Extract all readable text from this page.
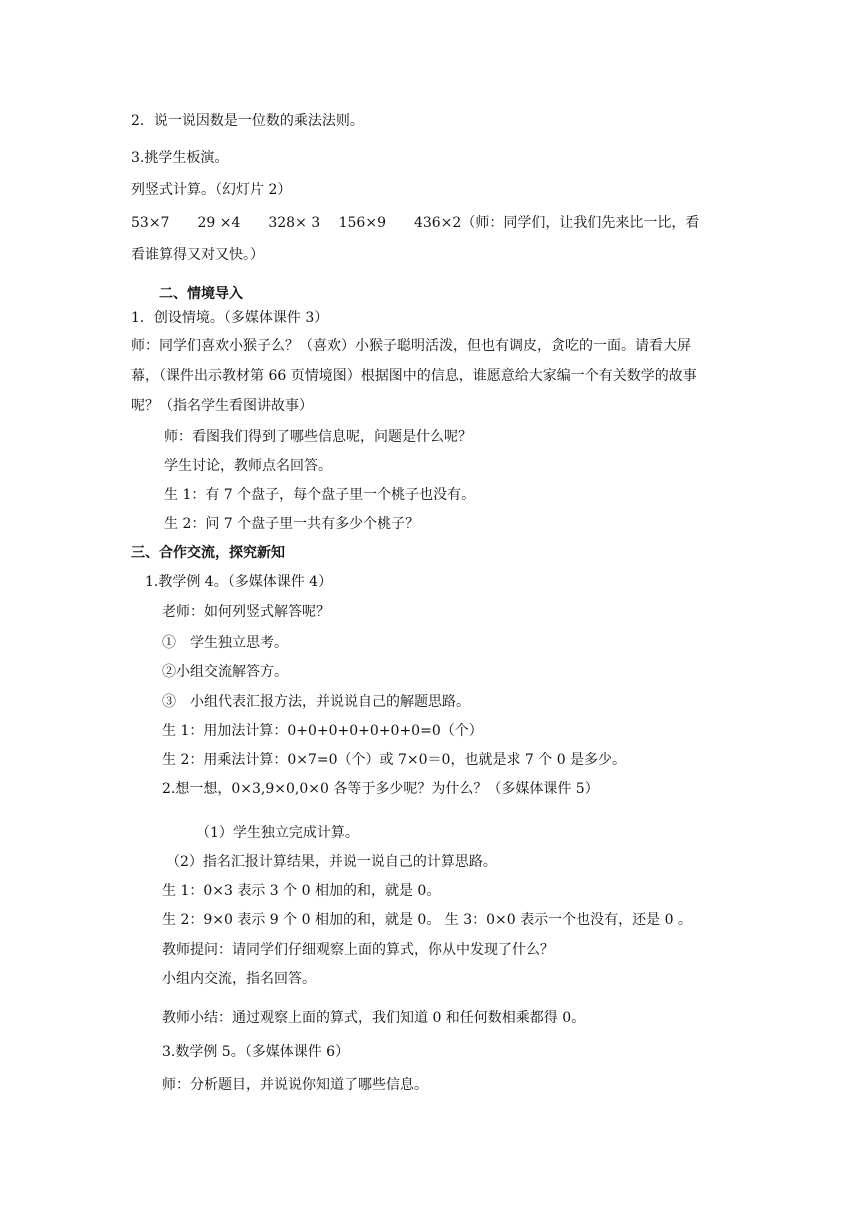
2．说一说因数是一位数的乘法法则。
3.挑学生板演。
列竖式计算。（幻灯片 2）
53×7　　29 ×4　　328× 3　 156×9　　436×2（师：同学们，让我们先来比一比，看
看谁算得又对又快。）
二、情境导入
1．创设情境。（多媒体课件 3）
师：同学们喜欢小猴子么？（喜欢）小猴子聪明活泼，但也有调皮，贪吃的一面。请看大屏
幕，（课件出示教材第 66 页情境图）根据图中的信息，谁愿意给大家编一个有关数学的故事
呢？（指名学生看图讲故事）
师：看图我们得到了哪些信息呢，问题是什么呢？
学生讨论，教师点名回答。
生 1：有 7 个盘子，每个盘子里一个桃子也没有。
生 2：问 7 个盘子里一共有多少个桃子？
三、合作交流，探究新知
1.教学例 4。（多媒体课件 4）
老师：如何列竖式解答呢？
①　学生独立思考。
②小组交流解答方。
③　小组代表汇报方法，并说说自己的解题思路。
生 1：用加法计算：0+0+0+0+0+0+0=0（个）
生 2：用乘法计算：0×7=0（个）或 7×0＝0，也就是求 7 个 0 是多少。
2.想一想，0×3,9×0,0×0 各等于多少呢？为什么？（多媒体课件 5）
（1）学生独立完成计算。
（2）指名汇报计算结果，并说一说自己的计算思路。
生 1：0×3 表示 3 个 0 相加的和，就是 0。
生 2：9×0 表示 9 个 0 相加的和，就是 0。 生 3：0×0 表示一个也没有，还是 0 。
教师提问：请同学们仔细观察上面的算式，你从中发现了什么？
小组内交流，指名回答。
教师小结：通过观察上面的算式，我们知道 0 和任何数相乘都得 0。
3.数学例 5。（多媒体课件 6）
师：分析题目，并说说你知道了哪些信息。
